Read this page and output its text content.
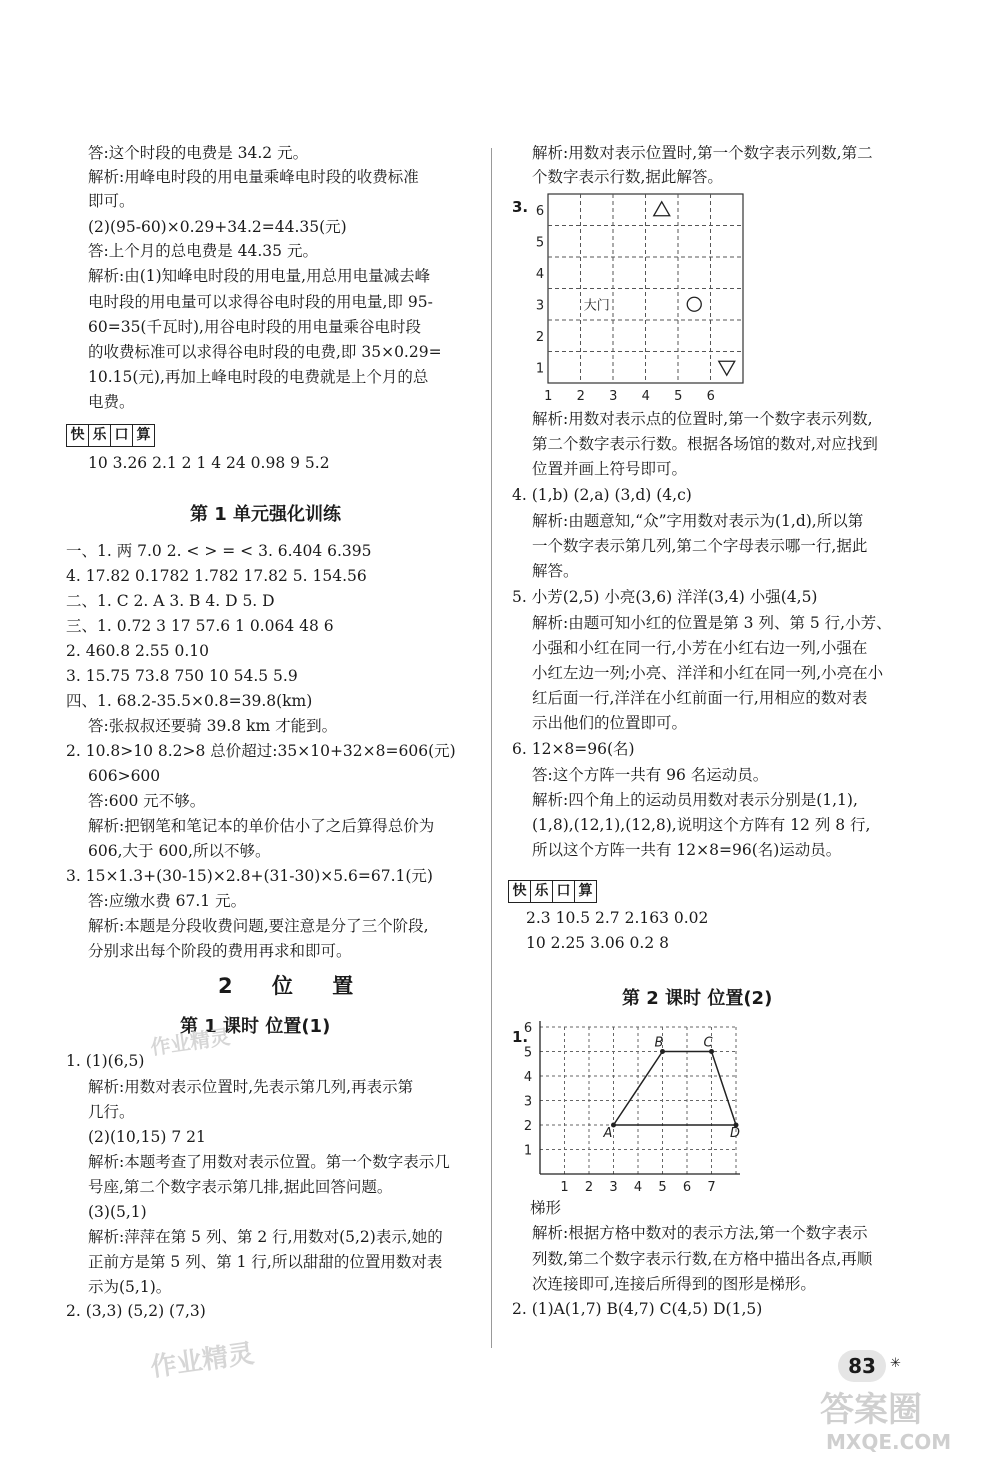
答:这个时段的电费是 34.2 元。
解析:用峰电时段的用电量乘峰电时段的收费标准
即可。
(2)(95-60)×0.29+34.2=44.35(元)
答:上个月的总电费是 44.35 元。
解析:由(1)知峰电时段的用电量,用总用电量减去峰
电时段的用电量可以求得谷电时段的用电量,即 95-
60=35(千瓦时),用谷电时段的用电量乘谷电时段
的收费标准可以求得谷电时段的电费,即 35×0.29=
10.15(元),再加上峰电时段的电费就是上个月的总
电费。
快 乐 口 算
10 3.26 2.1 2 1 4 24 0.98 9 5.2
第 1 单元强化训练
一、1. 两 7.0 2. < > = < 3. 6.404 6.395
4. 17.82 0.1782 1.782 17.82 5. 154.56
二、1. C 2. A 3. B 4. D 5. D
三、1. 0.72 3 17 57.6 1 0.064 48 6
2. 460.8 2.55 0.10
3. 15.75 73.8 750 10 54.5 5.9
四、1. 68.2-35.5×0.8=39.8(km)
答:张叔叔还要骑 39.8 km 才能到。
2. 10.8>10 8.2>8 总价超过:35×10+32×8=606(元)
606>600
答:600 元不够。
解析:把钢笔和笔记本的单价估小了之后算得总价为
606,大于 600,所以不够。
3. 15×1.3+(30-15)×2.8+(31-30)×5.6=67.1(元)
答:应缴水费 67.1 元。
解析:本题是分段收费问题,要注意是分了三个阶段,
分别求出每个阶段的费用再求和即可。
2 位 置
第 1 课时 位置(1)
1. (1)(6,5)
解析:用数对表示位置时,先表示第几列,再表示第
几行。
(2)(10,15) 7 21
解析:本题考查了用数对表示位置。第一个数字表示几
号座,第二个数字表示第几排,据此回答问题。
(3)(5,1)
解析:萍萍在第 5 列、第 2 行,用数对(5,2)表示,她的
正前方是第 5 列、第 1 行,所以甜甜的位置用数对表
示为(5,1)。
2. (3,3) (5,2) (7,3)
解析:用数对表示位置时,第一个数字表示列数,第二
个数字表示行数,据此解答。
3. 6
5
4
3
2
1
1 2 3 4 5 6
大门
解析:用数对表示点的位置时,第一个数字表示列数,
第二个数字表示行数。根据各场馆的数对,对应找到
位置并画上符号即可。
4. (1,b) (2,a) (3,d) (4,c)
解析:由题意知,“众”字用数对表示为(1,d),所以第
一个数字表示第几列,第二个字母表示哪一行,据此
解答。
5. 小芳(2,5) 小亮(3,6) 洋洋(3,4) 小强(4,5)
解析:由题可知小红的位置是第 3 列、第 5 行,小芳、
小强和小红在同一行,小芳在小红右边一列,小强在
小红左边一列;小亮、洋洋和小红在同一列,小亮在小
红后面一行,洋洋在小红前面一行,用相应的数对表
示出他们的位置即可。
6. 12×8=96(名)
答:这个方阵一共有 96 名运动员。
解析:四个角上的运动员用数对表示分别是(1,1),
(1,8),(12,1),(12,8),说明这个方阵有 12 列 8 行,
所以这个方阵一共有 12×8=96(名)运动员。
快 乐 口 算
2.3 10.5 2.7 2.163 0.02
10 2.25 3.06 0.2 8
第 2 课时 位置(2)
1.
6
5
4
3
2
1
1 2 3 4 5 6 7
A
B	C
D
梯形
解析:根据方格中数对的表示方法,第一个数字表示
列数,第二个数字表示行数,在方格中描出各点,再顺
次连接即可,连接后所得到的图形是梯形。
2. (1)A(1,7) B(4,7) C(4,5) D(1,5)
83	✳
作业精灵
作业精灵
答案圈
MXQE.COM
